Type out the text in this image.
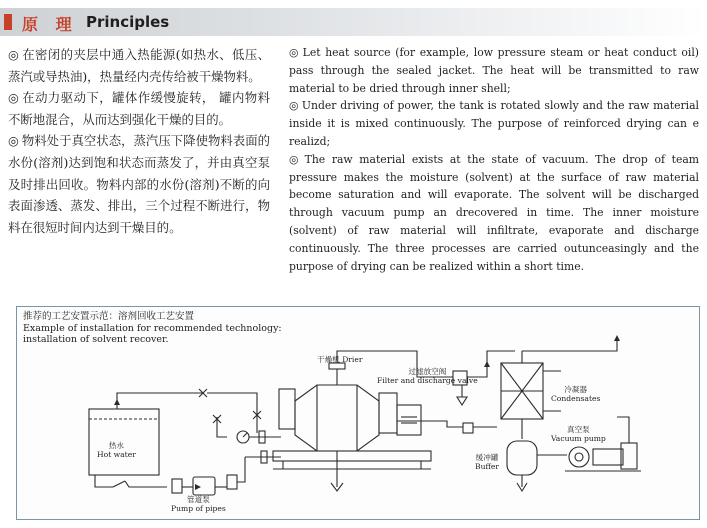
原 理 Principles

◎ 在密闭的夹层中通入热能源(如热水、低压、蒸汽或导热油)，热量经内壳传给被干燥物料。

◎ 在动力驱动下，罐体作缓慢旋转， 罐内物料不断地混合，从而达到强化干燥的目的。

◎ 物料处于真空状态，蒸汽压下降使物料表面的水份(溶剂)达到饱和状态而蒸发了，并由真空泵及时排出回收。物料内部的水份(溶剂)不断的向表面渗透、蒸发、排出，三个过程不断进行，物料在很短时间内达到干燥目的。

◎ Let heat source (for example, low pressure steam or heat conduct oil) pass through the sealed jacket. The heat will be transmitted to raw material to be dried through inner shell;

◎ Under driving of power, the tank is rotated slowly and the raw material inside it is mixed continuously. The purpose of reinforced drying can e realizd;

◎ The raw material exists at the state of vacuum. The drop of team pressure makes the moisture (solvent) at the surface of raw material become saturation and will evaporate. The solvent will be discharged through vacuum pump an drecovered in time. The inner moisture (solvent) of raw material will infiltrate, evaporate and discharge continuously. The three processes are carried outunceasingly and the purpose of drying can be realized within a short time.

推荐的工艺安置示范：溶剂回收工艺安置
Example of installation for recommended technology:
installation of solvent recover.
干燥机 Drier
过滤放空阀
Filter and discharge valve
冷凝器
Condensates
真空泵
Vacuum pump
缓冲罐
Buffer
热水
Hot water
管道泵
Pump of pipes
